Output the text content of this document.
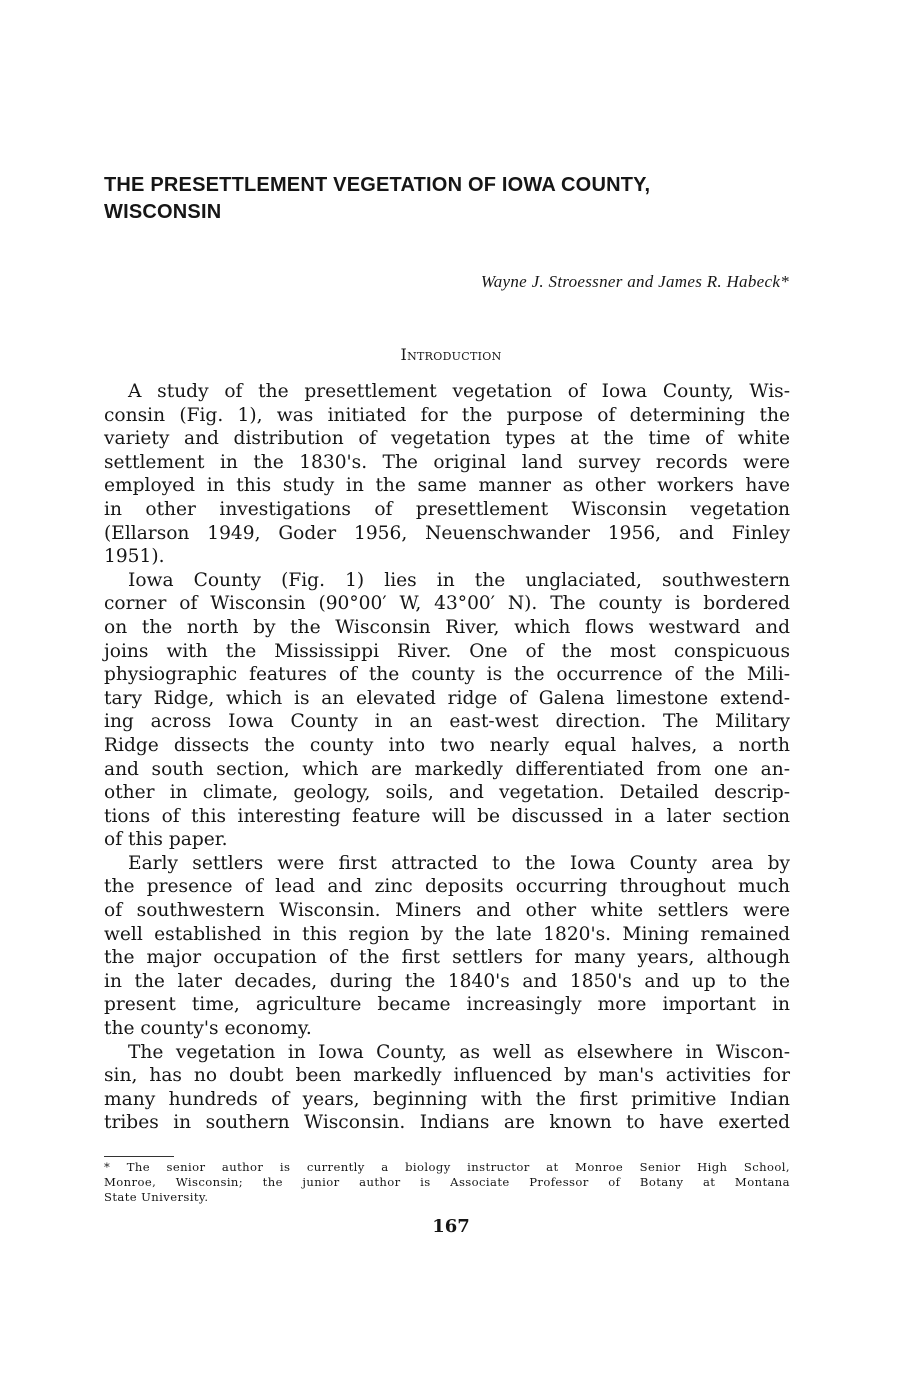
THE PRESETTLEMENT VEGETATION OF IOWA COUNTY,
WISCONSIN
Wayne J. Stroessner and James R. Habeck*
Introduction
A study of the presettlement vegetation of Iowa County, Wis-
consin (Fig. 1), was initiated for the purpose of determining the
variety and distribution of vegetation types at the time of white
settlement in the 1830's. The original land survey records were
employed in this study in the same manner as other workers have
in other investigations of presettlement Wisconsin vegetation
(Ellarson 1949, Goder 1956, Neuenschwander 1956, and Finley
1951).
Iowa County (Fig. 1) lies in the unglaciated, southwestern
corner of Wisconsin (90°00′ W, 43°00′ N). The county is bordered
on the north by the Wisconsin River, which flows westward and
joins with the Mississippi River. One of the most conspicuous
physiographic features of the county is the occurrence of the Mili-
tary Ridge, which is an elevated ridge of Galena limestone extend-
ing across Iowa County in an east-west direction. The Military
Ridge dissects the county into two nearly equal halves, a north
and south section, which are markedly differentiated from one an-
other in climate, geology, soils, and vegetation. Detailed descrip-
tions of this interesting feature will be discussed in a later section
of this paper.
Early settlers were first attracted to the Iowa County area by
the presence of lead and zinc deposits occurring throughout much
of southwestern Wisconsin. Miners and other white settlers were
well established in this region by the late 1820's. Mining remained
the major occupation of the first settlers for many years, although
in the later decades, during the 1840's and 1850's and up to the
present time, agriculture became increasingly more important in
the county's economy.
The vegetation in Iowa County, as well as elsewhere in Wiscon-
sin, has no doubt been markedly influenced by man's activities for
many hundreds of years, beginning with the first primitive Indian
tribes in southern Wisconsin. Indians are known to have exerted
* The senior author is currently a biology instructor at Monroe Senior High School,
Monroe, Wisconsin; the junior author is Associate Professor of Botany at Montana
State University.
167
